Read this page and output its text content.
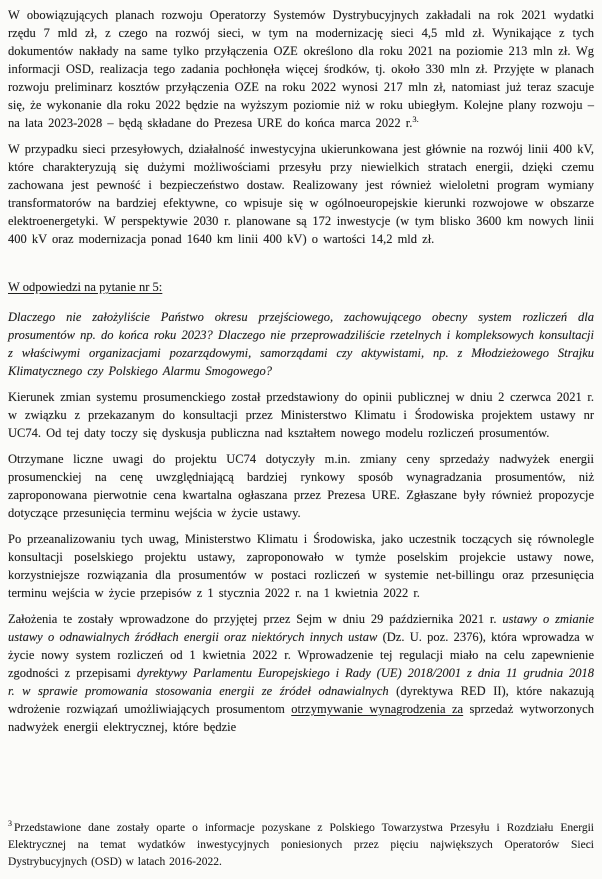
W obowiązujących planach rozwoju Operatorzy Systemów Dystrybucyjnych zakładali na rok 2021 wydatki rzędu 7 mld zł, z czego na rozwój sieci, w tym na modernizację sieci 4,5 mld zł. Wynikające z tych dokumentów nakłady na same tylko przyłączenia OZE określono dla roku 2021 na poziomie 213 mln zł. Wg informacji OSD, realizacja tego zadania pochłonęła więcej środków, tj. około 330 mln zł. Przyjęte w planach rozwoju preliminarz kosztów przyłączenia OZE na roku 2022 wynosi 217 mln zł, natomiast już teraz szacuje się, że wykonanie dla roku 2022 będzie na wyższym poziomie niż w roku ubiegłym. Kolejne plany rozwoju – na lata 2023-2028 – będą składane do Prezesa URE do końca marca 2022 r.$^{3.}$

W przypadku sieci przesyłowych, działalność inwestycyjna ukierunkowana jest głównie na rozwój linii 400 kV, które charakteryzują się dużymi możliwościami przesyłu przy niewielkich stratach energii, dzięki czemu zachowana jest pewność i bezpieczeństwo dostaw. Realizowany jest również wieloletni program wymiany transformatorów na bardziej efektywne, co wpisuje się w ogólnoeuropejskie kierunki rozwojowe w obszarze elektroenergetyki. W perspektywie 2030 r. planowane są 172 inwestycje (w tym blisko 3600 km nowych linii 400 kV oraz modernizacja ponad 1640 km linii 400 kV) o wartości 14,2 mld zł.

W odpowiedzi na pytanie nr 5:

Dlaczego nie założyliście Państwo okresu przejściowego, zachowującego obecny system rozliczeń dla prosumentów np. do końca roku 2023? Dlaczego nie przeprowadziliście rzetelnych i kompleksowych konsultacji z właściwymi organizacjami pozarządowymi, samorządami czy aktywistami, np. z Młodzieżowego Strajku Klimatycznego czy Polskiego Alarmu Smogowego?

Kierunek zmian systemu prosumenckiego został przedstawiony do opinii publicznej w dniu 2 czerwca 2021 r. w związku z przekazanym do konsultacji przez Ministerstwo Klimatu i Środowiska projektem ustawy nr UC74. Od tej daty toczy się dyskusja publiczna nad kształtem nowego modelu rozliczeń prosumentów.

Otrzymane liczne uwagi do projektu UC74 dotyczyły m.in. zmiany ceny sprzedaży nadwyżek energii prosumenckiej na cenę uwzględniającą bardziej rynkowy sposób wynagradzania prosumentów, niż zaproponowana pierwotnie cena kwartalna ogłaszana przez Prezesa URE. Zgłaszane były również propozycje dotyczące przesunięcia terminu wejścia w życie ustawy.

Po przeanalizowaniu tych uwag, Ministerstwo Klimatu i Środowiska, jako uczestnik toczących się równolegle konsultacji poselskiego projektu ustawy, zaproponowało w tymże poselskim projekcie ustawy nowe, korzystniejsze rozwiązania dla prosumentów w postaci rozliczeń w systemie net-billingu oraz przesunięcia terminu wejścia w życie przepisów z 1 stycznia 2022 r. na 1 kwietnia 2022 r.

Założenia te zostały wprowadzone do przyjętej przez Sejm w dniu 29 października 2021 r. ustawy o zmianie ustawy o odnawialnych źródłach energii oraz niektórych innych ustaw (Dz. U. poz. 2376), która wprowadza w życie nowy system rozliczeń od 1 kwietnia 2022 r. Wprowadzenie tej regulacji miało na celu zapewnienie zgodności z przepisami dyrektywy Parlamentu Europejskiego i Rady (UE) 2018/2001 z dnia 11 grudnia 2018 r. w sprawie promowania stosowania energii ze źródeł odnawialnych (dyrektywa RED II), które nakazują wdrożenie rozwiązań umożliwiających prosumentom otrzymywanie wynagrodzenia za sprzedaż wytworzonych nadwyżek energii elektrycznej, które będzie

$^3$ Przedstawione dane zostały oparte o informacje pozyskane z Polskiego Towarzystwa Przesyłu i Rozdziału Energii Elektrycznej na temat wydatków inwestycyjnych poniesionych przez pięciu największych Operatorów Sieci Dystrybucyjnych (OSD) w latach 2016-2022.
